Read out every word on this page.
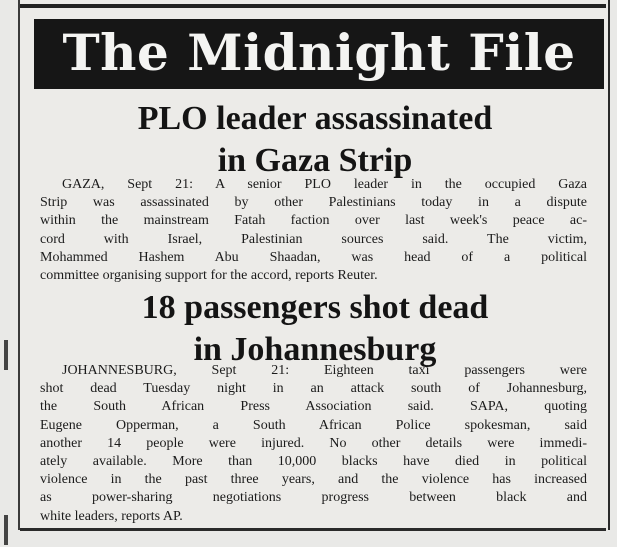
The Midnight File
PLO leader assassinated
in Gaza Strip
GAZA, Sept 21: A senior PLO leader in the occupied Gaza
Strip was assassinated by other Palestinians today in a dispute
within the mainstream Fatah faction over last week's peace ac-
cord with Israel, Palestinian sources said. The victim,
Mohammed Hashem Abu Shaadan, was head of a political
committee organising support for the accord, reports Reuter.
18 passengers shot dead
in Johannesburg
JOHANNESBURG, Sept 21: Eighteen taxi passengers were
shot dead Tuesday night in an attack south of Johannesburg,
the South African Press Association said. SAPA, quoting
Eugene Opperman, a South African Police spokesman, said
another 14 people were injured. No other details were immedi-
ately available. More than 10,000 blacks have died in political
violence in the past three years, and the violence has increased
as power-sharing negotiations progress between black and
white leaders, reports AP.
